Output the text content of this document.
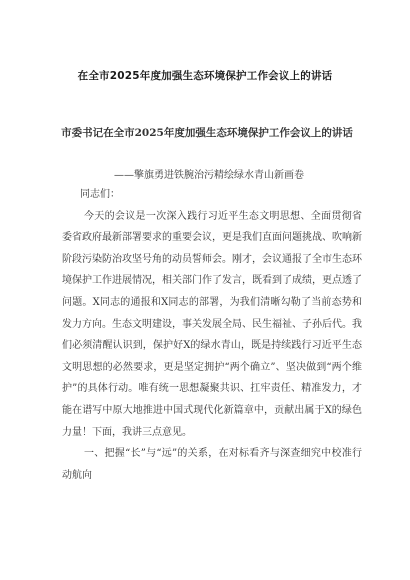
在全市2025年度加强生态环境保护工作会议上的讲话
市委书记在全市2025年度加强生态环境保护工作会议上的讲话
——擎旗勇进铁腕治污精绘绿水青山新画卷

同志们：

今天的会议是一次深入践行习近平生态文明思想、全面贯彻省委省政府最新部署要求的重要会议，更是我们直面问题挑战、吹响新阶段污染防治攻坚号角的动员誓师会。刚才，会议通报了全市生态环境保护工作进展情况，相关部门作了发言，既看到了成绩，更点透了问题。X同志的通报和X同志的部署，为我们清晰勾勒了当前态势和发力方向。生态文明建设，事关发展全局、民生福祉、子孙后代。我们必须清醒认识到，保护好X的绿水青山，既是持续践行习近平生态文明思想的必然要求，更是坚定拥护“两个确立”、坚决做到“两个维护”的具体行动。唯有统一思想凝聚共识、扛牢责任、精准发力，才能在谱写中原大地推进中国式现代化新篇章中，贡献出属于X的绿色力量！下面，我讲三点意见。

一、把握“长”与“远”的关系，在对标看齐与深查细究中校准行动航向
